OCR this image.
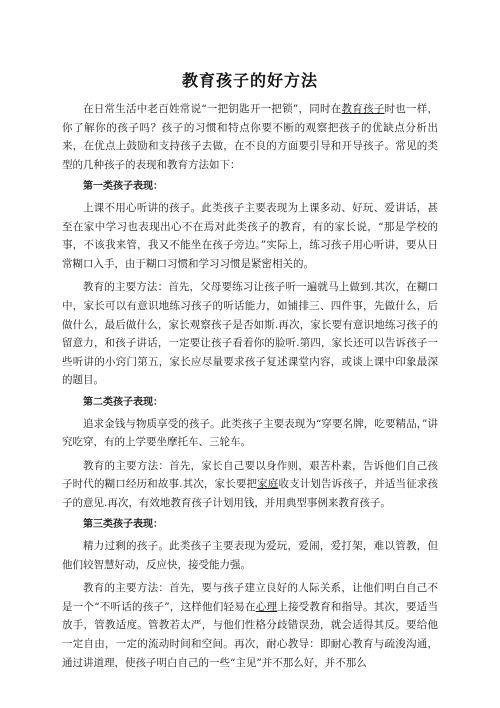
教育孩子的好方法

在日常生活中老百姓常说“一把钥匙开一把锁”，同时在教育孩子时也一样，你了解你的孩子吗？孩子的习惯和特点你要不断的观察把孩子的优缺点分析出来，在优点上鼓励和支持孩子去做，在不良的方面要引导和开导孩子。常见的类型的几种孩子的表现和教育方法如下：

第一类孩子表现：

上课不用心听讲的孩子。此类孩子主要表现为上课多动、好玩、爱讲话，甚至在家中学习也表现出心不在焉对此类孩子的教育，有的家长说，“那是学校的事，不该我来管，我又不能坐在孩子旁边。”实际上，练习孩子用心听讲，要从日常糊口入手，由于糊口习惯和学习习惯是紧密相关的。

教育的主要方法：首先，父母要练习让孩子听一遍就马上做到.其次，在糊口中，家长可以有意识地练习孩子的听话能力，如铺排三、四件事，先做什么，后做什么，最后做什么，家长观察孩子是否如斯.再次，家长要有意识地练习孩子的留意力，和孩子讲话，一定要让孩子看着你的脸听.第四，家长还可以告诉孩子一些听讲的小窍门第五，家长应尽量要求孩子复述课堂内容，或谈上课中印象最深的题目。

第二类孩子表现：

追求金钱与物质享受的孩子。此类孩子主要表现为“穿要名牌，吃要精品，”讲究吃穿，有的上学要坐摩托车、三轮车。

教育的主要方法：首先，家长自己要以身作则，艰苦朴素，告诉他们自己孩子时代的糊口经历和故事.其次，家长要把家庭收支计划告诉孩子，并适当征求孩子的意见.再次，有效地教育孩子计划用钱，并用典型事例来教育孩子。

第三类孩子表现：

精力过剩的孩子。此类孩子主要表现为爱玩，爱闹，爱打架，难以管教，但他们较智慧好动，反应快，接受能力强。

教育的主要方法：首先，要与孩子建立良好的人际关系，让他们明白自己不是一个“不听话的孩子”，这样他们轻易在心理上接受教育和指导。其次，要适当放手，管教适度。管教若太严，与他们性格分歧错误劲，就会适得其反。要给他一定自由，一定的流动时间和空间。再次，耐心教导：即耐心教育与疏浚沟通，通过讲道理，使孩子明白自己的一些“主见”并不那么好，并不那么
